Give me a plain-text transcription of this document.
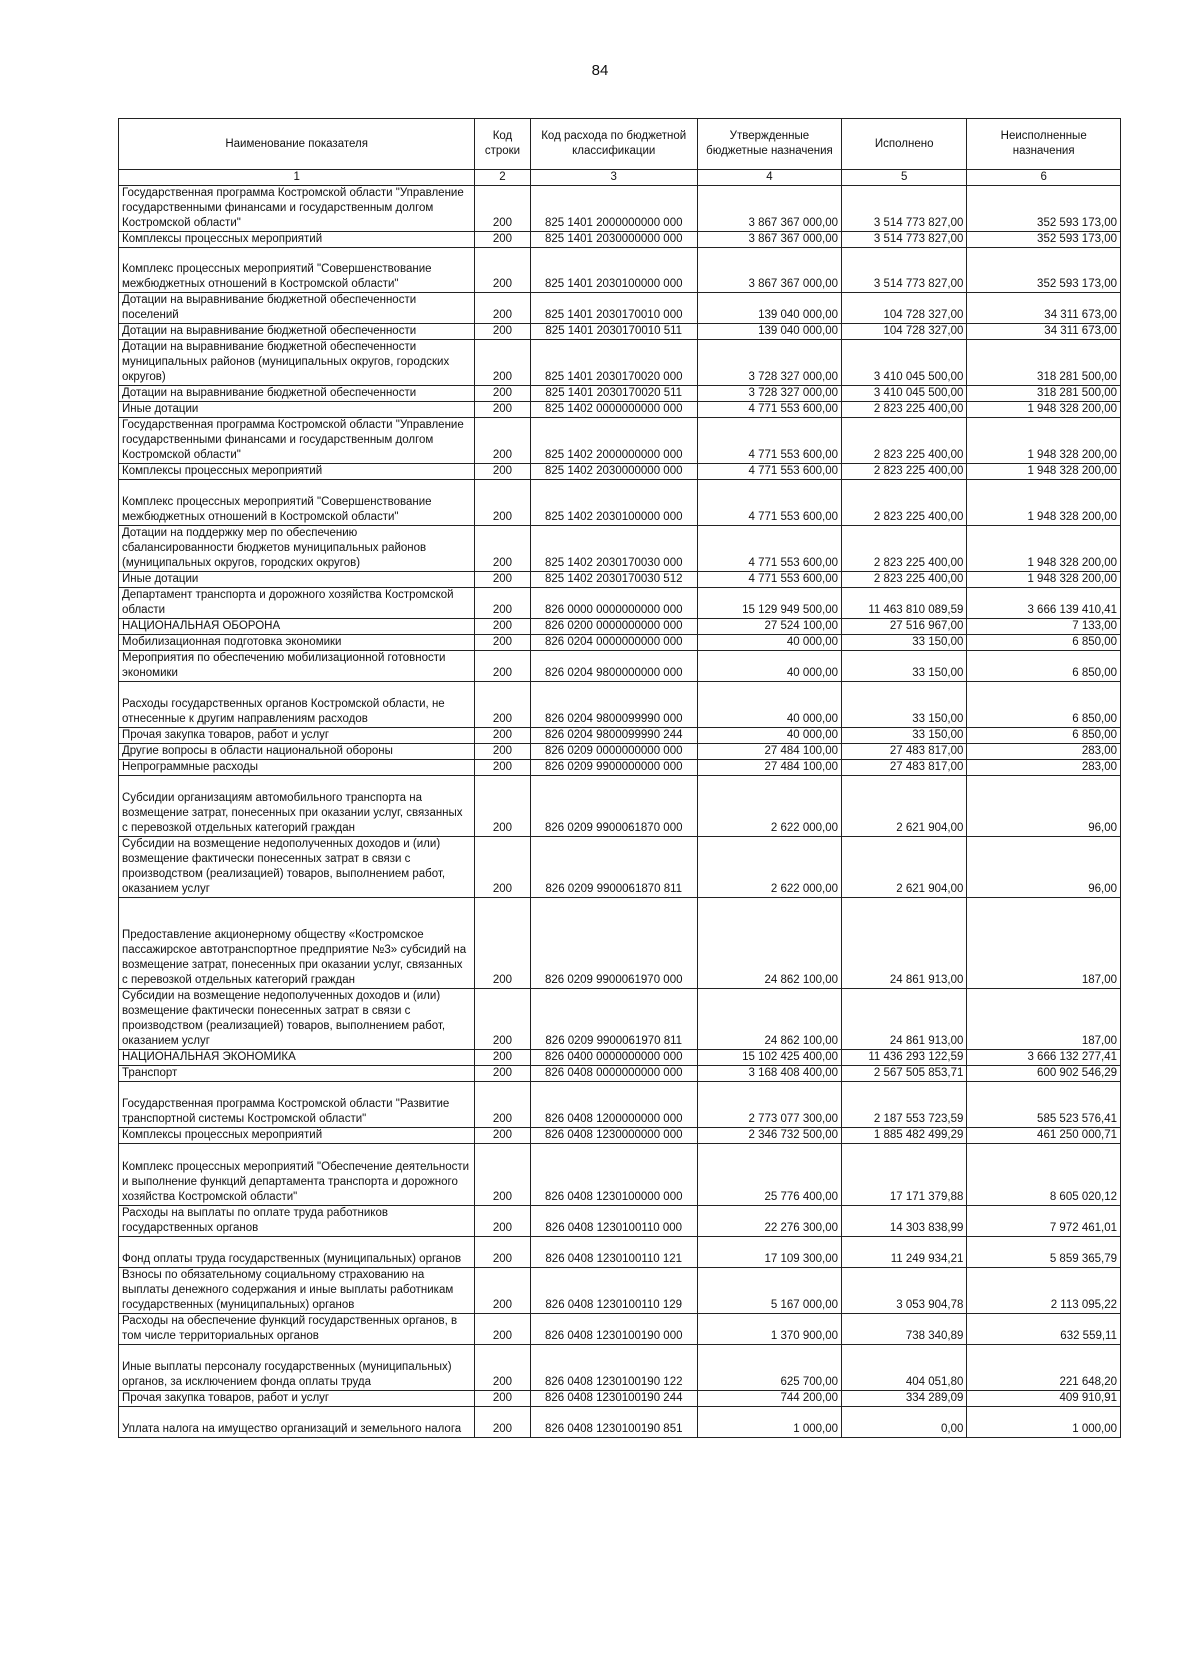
84
Наименование показателя	Код строки	Код расхода по бюджетной классификации	Утвержденные бюджетные назначения	Исполнено	Неисполненные назначения
1	2	3	4	5	6
Государственная программа Костромской области "Управление государственными финансами и государственным долгом Костромской области"	200	825 1401 2000000000 000	3 867 367 000,00	3 514 773 827,00	352 593 173,00
Комплексы процессных мероприятий	200	825 1401 2030000000 000	3 867 367 000,00	3 514 773 827,00	352 593 173,00
Комплекс процессных мероприятий "Совершенствование межбюджетных отношений в Костромской области"	200	825 1401 2030100000 000	3 867 367 000,00	3 514 773 827,00	352 593 173,00
Дотации на выравнивание бюджетной обеспеченности поселений	200	825 1401 2030170010 000	139 040 000,00	104 728 327,00	34 311 673,00
Дотации на выравнивание бюджетной обеспеченности	200	825 1401 2030170010 511	139 040 000,00	104 728 327,00	34 311 673,00
Дотации на выравнивание бюджетной обеспеченности муниципальных районов (муниципальных округов, городских округов)	200	825 1401 2030170020 000	3 728 327 000,00	3 410 045 500,00	318 281 500,00
Дотации на выравнивание бюджетной обеспеченности	200	825 1401 2030170020 511	3 728 327 000,00	3 410 045 500,00	318 281 500,00
Иные дотации	200	825 1402 0000000000 000	4 771 553 600,00	2 823 225 400,00	1 948 328 200,00
Государственная программа Костромской области "Управление государственными финансами и государственным долгом Костромской области"	200	825 1402 2000000000 000	4 771 553 600,00	2 823 225 400,00	1 948 328 200,00
Комплексы процессных мероприятий	200	825 1402 2030000000 000	4 771 553 600,00	2 823 225 400,00	1 948 328 200,00
Комплекс процессных мероприятий "Совершенствование межбюджетных отношений в Костромской области"	200	825 1402 2030100000 000	4 771 553 600,00	2 823 225 400,00	1 948 328 200,00
Дотации на поддержку мер по обеспечению сбалансированности бюджетов муниципальных районов (муниципальных округов, городских округов)	200	825 1402 2030170030 000	4 771 553 600,00	2 823 225 400,00	1 948 328 200,00
Иные дотации	200	825 1402 2030170030 512	4 771 553 600,00	2 823 225 400,00	1 948 328 200,00
Департамент транспорта и дорожного хозяйства Костромской области	200	826 0000 0000000000 000	15 129 949 500,00	11 463 810 089,59	3 666 139 410,41
НАЦИОНАЛЬНАЯ ОБОРОНА	200	826 0200 0000000000 000	27 524 100,00	27 516 967,00	7 133,00
Мобилизационная подготовка экономики	200	826 0204 0000000000 000	40 000,00	33 150,00	6 850,00
Мероприятия по обеспечению мобилизационной готовности экономики	200	826 0204 9800000000 000	40 000,00	33 150,00	6 850,00
Расходы государственных органов Костромской области, не отнесенные к другим направлениям расходов	200	826 0204 9800099990 000	40 000,00	33 150,00	6 850,00
Прочая закупка товаров, работ и услуг	200	826 0204 9800099990 244	40 000,00	33 150,00	6 850,00
Другие вопросы в области национальной обороны	200	826 0209 0000000000 000	27 484 100,00	27 483 817,00	283,00
Непрограммные расходы	200	826 0209 9900000000 000	27 484 100,00	27 483 817,00	283,00
Субсидии организациям автомобильного транспорта на возмещение затрат, понесенных при оказании услуг, связанных с перевозкой отдельных категорий граждан	200	826 0209 9900061870 000	2 622 000,00	2 621 904,00	96,00
Субсидии на возмещение недополученных доходов и (или) возмещение фактически понесенных затрат в связи с производством (реализацией) товаров, выполнением работ, оказанием услуг	200	826 0209 9900061870 811	2 622 000,00	2 621 904,00	96,00
Предоставление акционерному обществу «Костромское пассажирское автотранспортное предприятие №3» субсидий на возмещение затрат, понесенных при оказании услуг, связанных с перевозкой отдельных категорий граждан	200	826 0209 9900061970 000	24 862 100,00	24 861 913,00	187,00
Субсидии на возмещение недополученных доходов и (или) возмещение фактически понесенных затрат в связи с производством (реализацией) товаров, выполнением работ, оказанием услуг	200	826 0209 9900061970 811	24 862 100,00	24 861 913,00	187,00
НАЦИОНАЛЬНАЯ ЭКОНОМИКА	200	826 0400 0000000000 000	15 102 425 400,00	11 436 293 122,59	3 666 132 277,41
Транспорт	200	826 0408 0000000000 000	3 168 408 400,00	2 567 505 853,71	600 902 546,29
Государственная программа Костромской области "Развитие транспортной системы Костромской области"	200	826 0408 1200000000 000	2 773 077 300,00	2 187 553 723,59	585 523 576,41
Комплексы процессных мероприятий	200	826 0408 1230000000 000	2 346 732 500,00	1 885 482 499,29	461 250 000,71
Комплекс процессных мероприятий "Обеспечение деятельности и выполнение функций департамента транспорта и дорожного хозяйства Костромской области"	200	826 0408 1230100000 000	25 776 400,00	17 171 379,88	8 605 020,12
Расходы на выплаты по оплате труда работников государственных органов	200	826 0408 1230100110 000	22 276 300,00	14 303 838,99	7 972 461,01
Фонд оплаты труда государственных (муниципальных) органов	200	826 0408 1230100110 121	17 109 300,00	11 249 934,21	5 859 365,79
Взносы по обязательному социальному страхованию на выплаты денежного содержания и иные выплаты работникам государственных (муниципальных) органов	200	826 0408 1230100110 129	5 167 000,00	3 053 904,78	2 113 095,22
Расходы на обеспечение функций государственных органов, в том числе территориальных органов	200	826 0408 1230100190 000	1 370 900,00	738 340,89	632 559,11
Иные выплаты персоналу государственных (муниципальных) органов, за исключением фонда оплаты труда	200	826 0408 1230100190 122	625 700,00	404 051,80	221 648,20
Прочая закупка товаров, работ и услуг	200	826 0408 1230100190 244	744 200,00	334 289,09	409 910,91
Уплата налога на имущество организаций и земельного налога	200	826 0408 1230100190 851	1 000,00	0,00	1 000,00
